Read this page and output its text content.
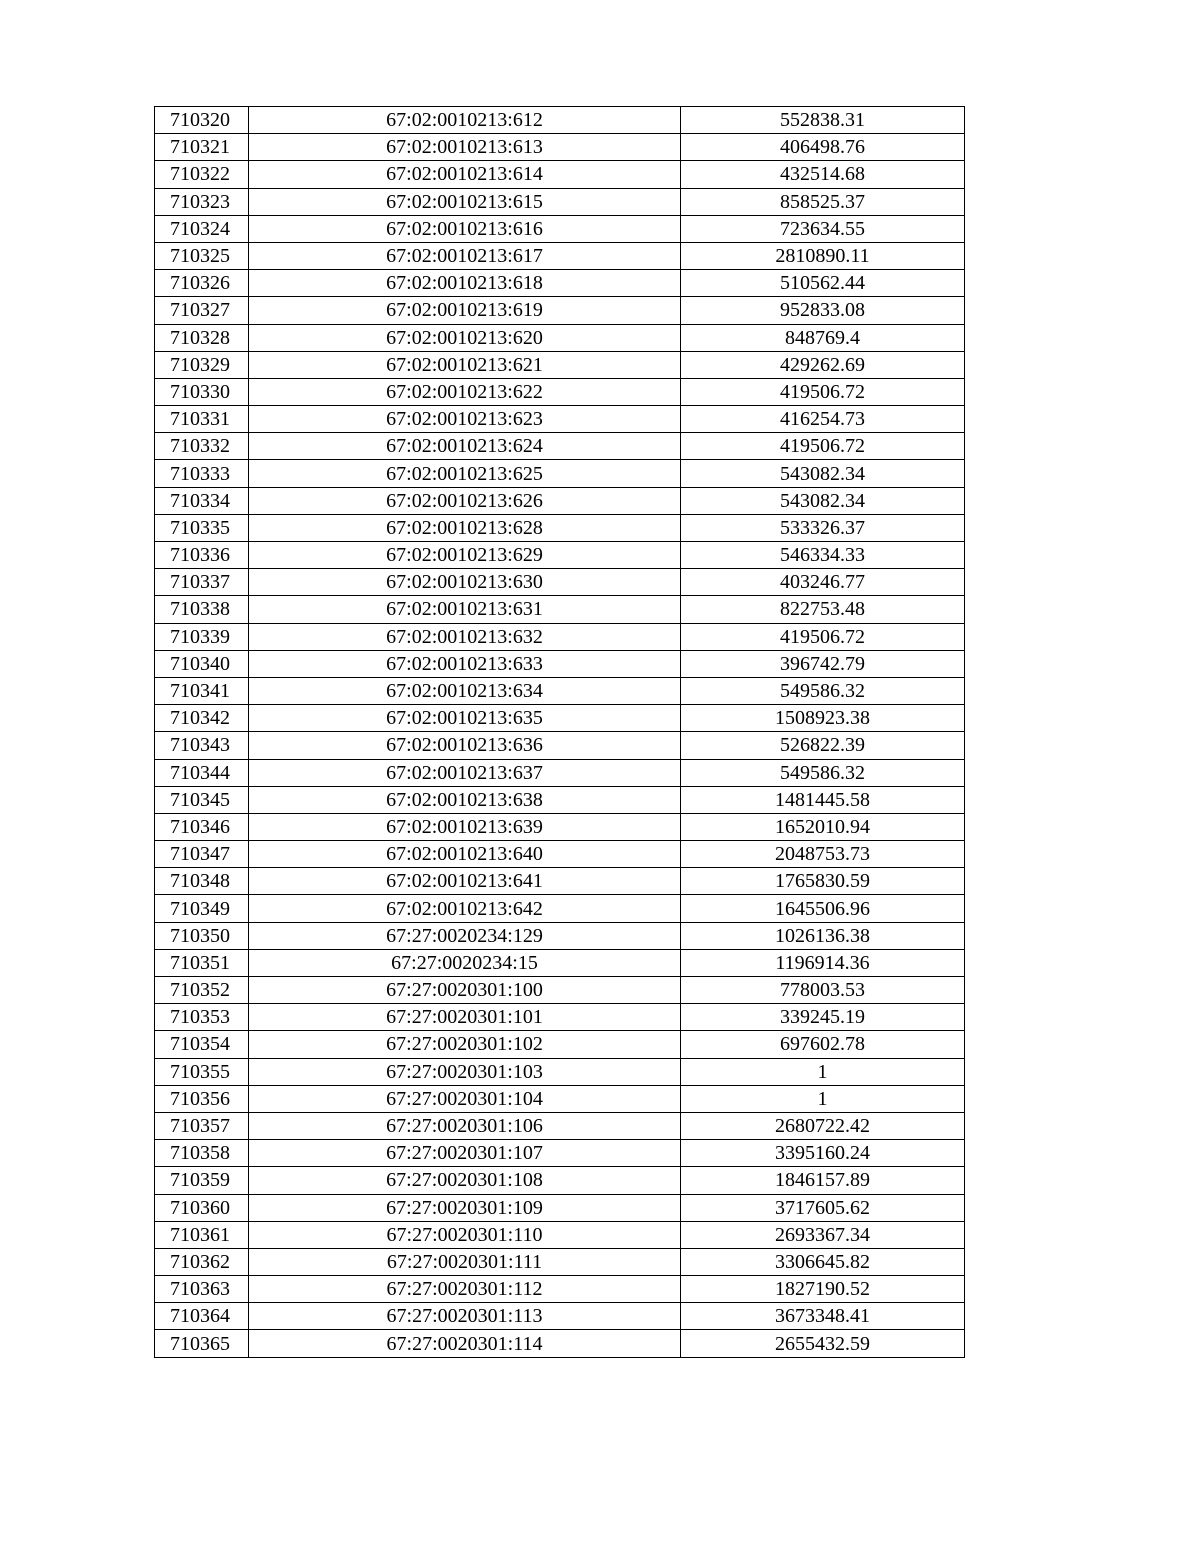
710320	67:02:0010213:612	552838.31
710321	67:02:0010213:613	406498.76
710322	67:02:0010213:614	432514.68
710323	67:02:0010213:615	858525.37
710324	67:02:0010213:616	723634.55
710325	67:02:0010213:617	2810890.11
710326	67:02:0010213:618	510562.44
710327	67:02:0010213:619	952833.08
710328	67:02:0010213:620	848769.4
710329	67:02:0010213:621	429262.69
710330	67:02:0010213:622	419506.72
710331	67:02:0010213:623	416254.73
710332	67:02:0010213:624	419506.72
710333	67:02:0010213:625	543082.34
710334	67:02:0010213:626	543082.34
710335	67:02:0010213:628	533326.37
710336	67:02:0010213:629	546334.33
710337	67:02:0010213:630	403246.77
710338	67:02:0010213:631	822753.48
710339	67:02:0010213:632	419506.72
710340	67:02:0010213:633	396742.79
710341	67:02:0010213:634	549586.32
710342	67:02:0010213:635	1508923.38
710343	67:02:0010213:636	526822.39
710344	67:02:0010213:637	549586.32
710345	67:02:0010213:638	1481445.58
710346	67:02:0010213:639	1652010.94
710347	67:02:0010213:640	2048753.73
710348	67:02:0010213:641	1765830.59
710349	67:02:0010213:642	1645506.96
710350	67:27:0020234:129	1026136.38
710351	67:27:0020234:15	1196914.36
710352	67:27:0020301:100	778003.53
710353	67:27:0020301:101	339245.19
710354	67:27:0020301:102	697602.78
710355	67:27:0020301:103	1
710356	67:27:0020301:104	1
710357	67:27:0020301:106	2680722.42
710358	67:27:0020301:107	3395160.24
710359	67:27:0020301:108	1846157.89
710360	67:27:0020301:109	3717605.62
710361	67:27:0020301:110	2693367.34
710362	67:27:0020301:111	3306645.82
710363	67:27:0020301:112	1827190.52
710364	67:27:0020301:113	3673348.41
710365	67:27:0020301:114	2655432.59
